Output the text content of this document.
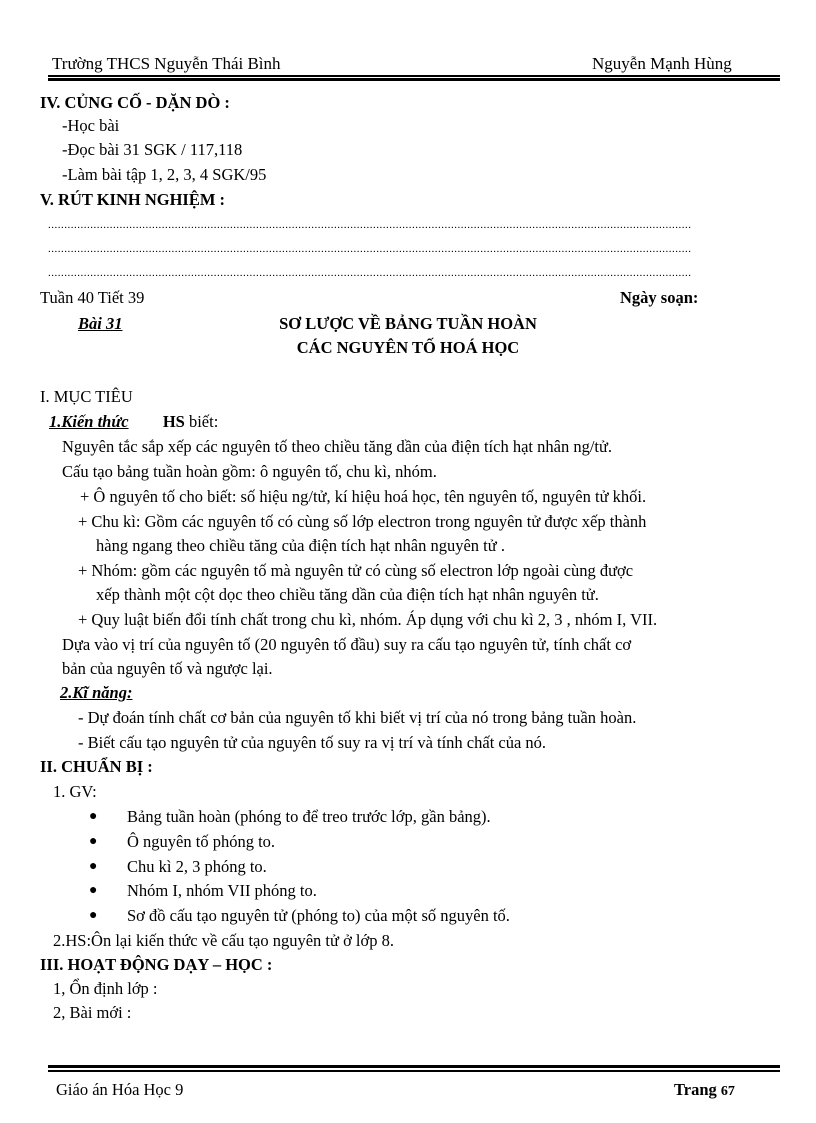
Trường THCS Nguyễn Thái Bình	Nguyễn Mạnh Hùng
IV. CỦNG CỐ - DẶN DÒ :
-Học bài
-Đọc bài 31 SGK / 117,118
-Làm bài tập 1, 2, 3, 4 SGK/95
V. RÚT KINH NGHIỆM :
......................................................................................................................................................................................................
......................................................................................................................................................................................................
......................................................................................................................................................................................................
Tuần 40 Tiết 39	Ngày soạn:
Bài 31	SƠ LƯỢC VỀ BẢNG TUẦN HOÀN
CÁC NGUYÊN TỐ HOÁ HỌC
I. MỤC TIÊU
1.Kiến thức HS biết:
Nguyên tắc sắp xếp các nguyên tố theo chiều tăng dần của điện tích hạt nhân ng/tử.
Cấu tạo bảng tuần hoàn gồm: ô nguyên tố, chu kì, nhóm.
+ Ô nguyên tố cho biết: số hiệu ng/tử, kí hiệu hoá học, tên nguyên tố, nguyên tử khối.
+ Chu kì: Gồm các nguyên tố có cùng số lớp electron trong nguyên tử được xếp thành
hàng ngang theo chiều tăng của điện tích hạt nhân nguyên tử .
+ Nhóm: gồm các nguyên tố mà nguyên tử có cùng số electron lớp ngoài cùng được
xếp thành một cột dọc theo chiều tăng dần của điện tích hạt nhân nguyên tử.
+ Quy luật biến đổi tính chất trong chu kì, nhóm. Áp dụng với chu kì 2, 3 , nhóm I, VII.
Dựa vào vị trí của nguyên tố (20 nguyên tố đầu) suy ra cấu tạo nguyên tử, tính chất cơ
bản của nguyên tố và ngược lại.
2.Kĩ năng:
- Dự đoán tính chất cơ bản của nguyên tố khi biết vị trí của nó trong bảng tuần hoàn.
- Biết cấu tạo nguyên tử của nguyên tố suy ra vị trí và tính chất của nó.
II. CHUẨN BỊ :
1. GV:
● Bảng tuần hoàn (phóng to để treo trước lớp, gần bảng).
● Ô nguyên tố phóng to.
● Chu kì 2, 3 phóng to.
● Nhóm I, nhóm VII phóng to.
● Sơ đồ cấu tạo nguyên tử (phóng to) của một số nguyên tố.
2.HS:Ôn lại kiến thức về cấu tạo nguyên tử ở lớp 8.
III. HOẠT ĐỘNG DẠY – HỌC :
1, Ổn định lớp :
2, Bài mới :
Giáo án Hóa Học 9	Trang 67
